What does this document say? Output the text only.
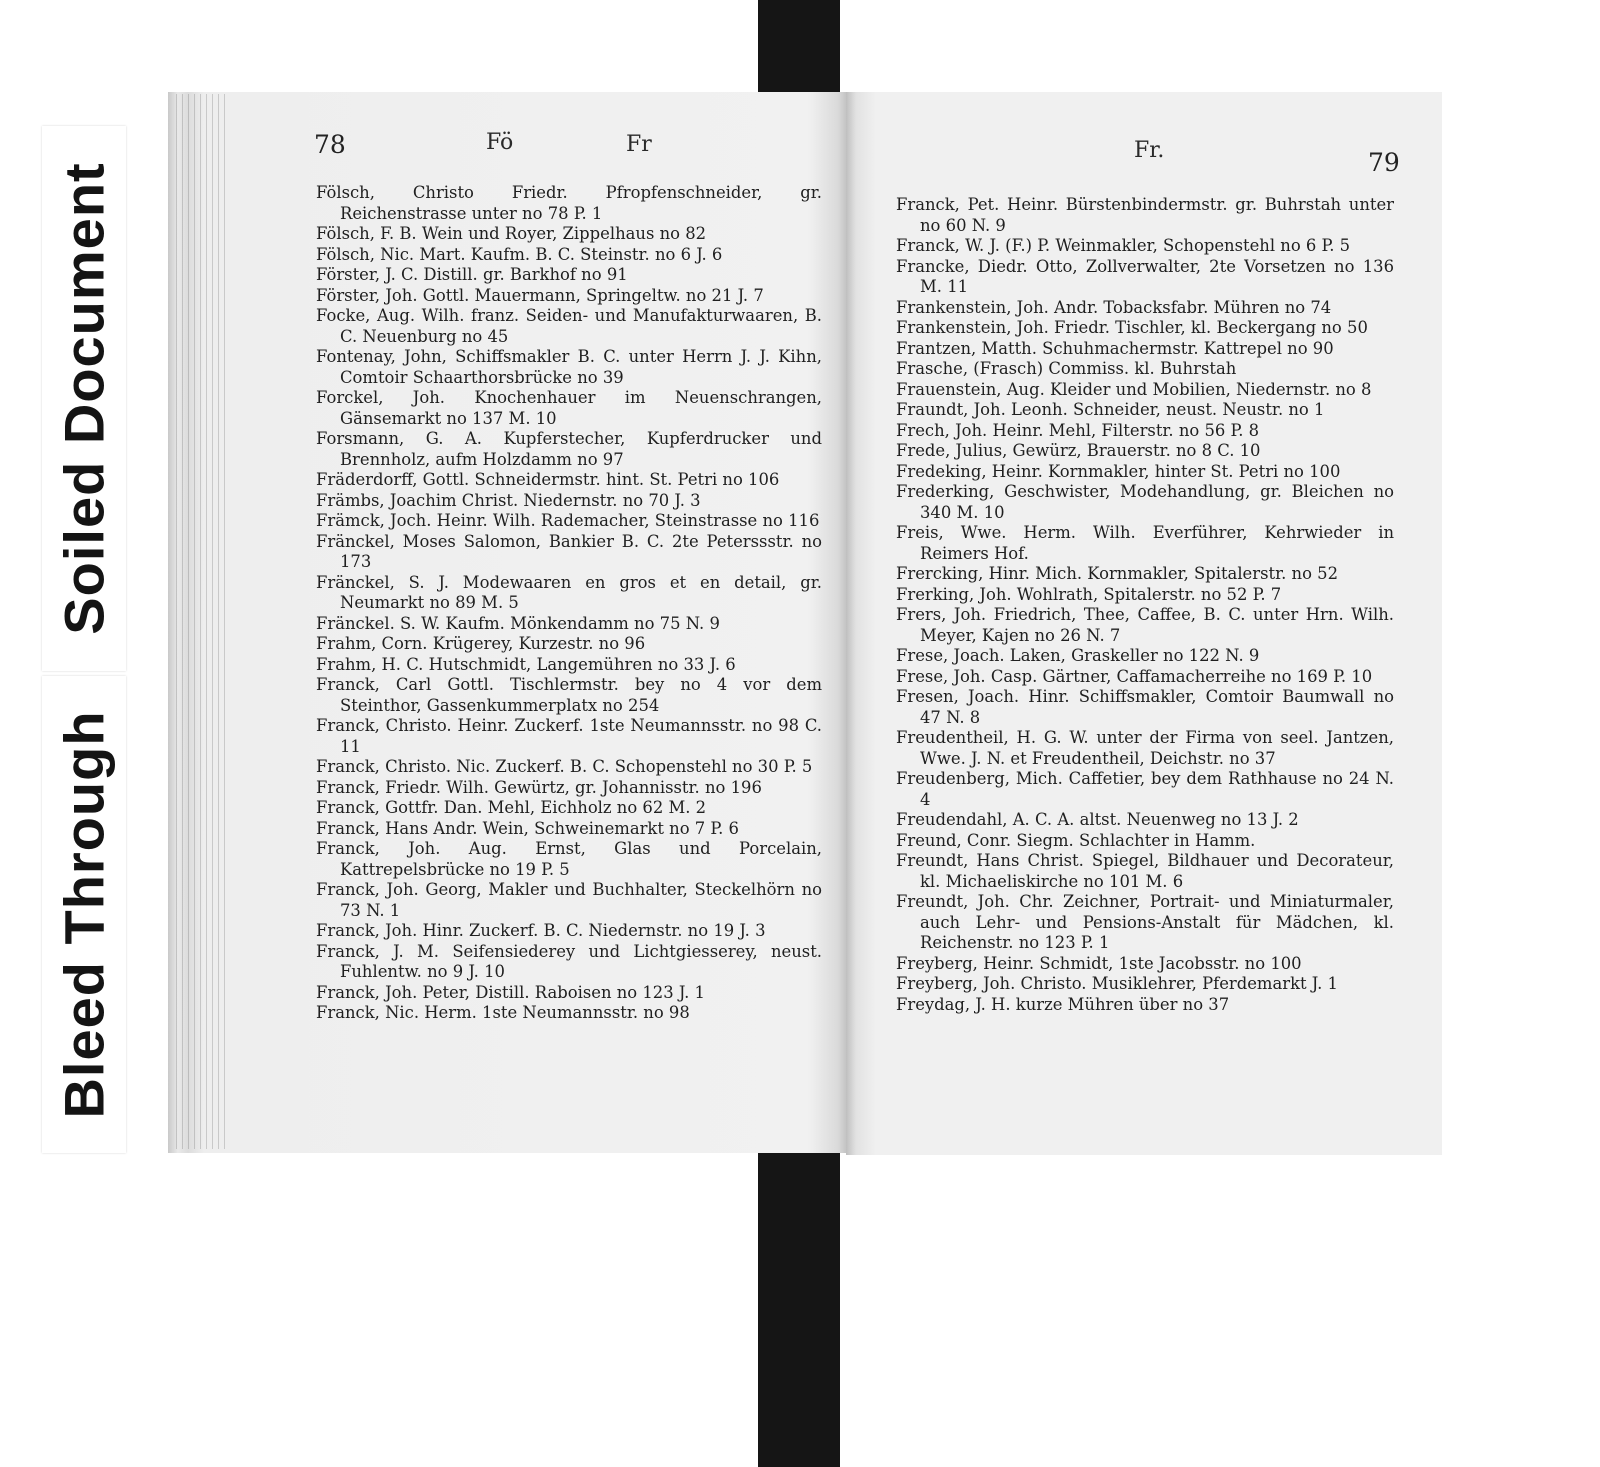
Soiled Document
Bleed Through
78	Fö	Fr

Fölsch, Christo Friedr. Pfropfenschneider, gr. Reichenstrasse unter no 78 P. 1

Fölsch, F. B. Wein und Royer, Zippelhaus no 82

Fölsch, Nic. Mart. Kaufm. B. C. Steinstr. no 6 J. 6

Förster, J. C. Distill. gr. Barkhof no 91

Förster, Joh. Gottl. Mauermann, Springeltw. no 21 J. 7

Focke, Aug. Wilh. franz. Seiden- und Manufakturwaaren, B. C. Neuenburg no 45

Fontenay, John, Schiffsmakler B. C. unter Herrn J. J. Kihn, Comtoir Schaarthorsbrücke no 39

Forckel, Joh. Knochenhauer im Neuenschrangen, Gänsemarkt no 137 M. 10

Forsmann, G. A. Kupferstecher, Kupferdrucker und Brennholz, aufm Holzdamm no 97

Fräderdorff, Gottl. Schneidermstr. hint. St. Petri no 106

Främbs, Joachim Christ. Niedernstr. no 70 J. 3

Främck, Joch. Heinr. Wilh. Rademacher, Steinstrasse no 116

Fränckel, Moses Salomon, Bankier B. C. 2te Peterssstr. no 173

Fränckel, S. J. Modewaaren en gros et en detail, gr. Neumarkt no 89 M. 5

Fränckel. S. W. Kaufm. Mönkendamm no 75 N. 9

Frahm, Corn. Krügerey, Kurzestr. no 96

Frahm, H. C. Hutschmidt, Langemühren no 33 J. 6

Franck, Carl Gottl. Tischlermstr. bey no 4 vor dem Steinthor, Gassenkummerplatx no 254

Franck, Christo. Heinr. Zuckerf. 1ste Neumannsstr. no 98 C. 11

Franck, Christo. Nic. Zuckerf. B. C. Schopenstehl no 30 P. 5

Franck, Friedr. Wilh. Gewürtz, gr. Johannisstr. no 196

Franck, Gottfr. Dan. Mehl, Eichholz no 62 M. 2

Franck, Hans Andr. Wein, Schweinemarkt no 7 P. 6

Franck, Joh. Aug. Ernst, Glas und Porcelain, Kattrepelsbrücke no 19 P. 5

Franck, Joh. Georg, Makler und Buchhalter, Steckelhörn no 73 N. 1

Franck, Joh. Hinr. Zuckerf. B. C. Niedernstr. no 19 J. 3

Franck, J. M. Seifensiederey und Lichtgiesserey, neust. Fuhlentw. no 9 J. 10

Franck, Joh. Peter, Distill. Raboisen no 123 J. 1

Franck, Nic. Herm. 1ste Neumannsstr. no 98

Fr.	79

Franck, Pet. Heinr. Bürstenbindermstr. gr. Buhrstah unter no 60 N. 9

Franck, W. J. (F.) P. Weinmakler, Schopenstehl no 6 P. 5

Francke, Diedr. Otto, Zollverwalter, 2te Vorsetzen no 136 M. 11

Frankenstein, Joh. Andr. Tobacksfabr. Mühren no 74

Frankenstein, Joh. Friedr. Tischler, kl. Beckergang no 50

Frantzen, Matth. Schuhmachermstr. Kattrepel no 90

Frasche, (Frasch) Commiss. kl. Buhrstah

Frauenstein, Aug. Kleider und Mobilien, Niedernstr. no 8

Fraundt, Joh. Leonh. Schneider, neust. Neustr. no 1

Frech, Joh. Heinr. Mehl, Filterstr. no 56 P. 8

Frede, Julius, Gewürz, Brauerstr. no 8 C. 10

Fredeking, Heinr. Kornmakler, hinter St. Petri no 100

Frederking, Geschwister, Modehandlung, gr. Bleichen no 340 M. 10

Freis, Wwe. Herm. Wilh. Everführer, Kehrwieder in Reimers Hof.

Frercking, Hinr. Mich. Kornmakler, Spitalerstr. no 52

Frerking, Joh. Wohlrath, Spitalerstr. no 52 P. 7

Frers, Joh. Friedrich, Thee, Caffee, B. C. unter Hrn. Wilh. Meyer, Kajen no 26 N. 7

Frese, Joach. Laken, Graskeller no 122 N. 9

Frese, Joh. Casp. Gärtner, Caffamacherreihe no 169 P. 10

Fresen, Joach. Hinr. Schiffsmakler, Comtoir Baumwall no 47 N. 8

Freudentheil, H. G. W. unter der Firma von seel. Jantzen, Wwe. J. N. et Freudentheil, Deichstr. no 37

Freudenberg, Mich. Caffetier, bey dem Rathhause no 24 N. 4

Freudendahl, A. C. A. altst. Neuenweg no 13 J. 2

Freund, Conr. Siegm. Schlachter in Hamm.

Freundt, Hans Christ. Spiegel, Bildhauer und Decorateur, kl. Michaeliskirche no 101 M. 6

Freundt, Joh. Chr. Zeichner, Portrait- und Miniaturmaler, auch Lehr- und Pensions-Anstalt für Mädchen, kl. Reichenstr. no 123 P. 1

Freyberg, Heinr. Schmidt, 1ste Jacobsstr. no 100

Freyberg, Joh. Christo. Musiklehrer, Pferdemarkt J. 1

Freydag, J. H. kurze Mühren über no 37
